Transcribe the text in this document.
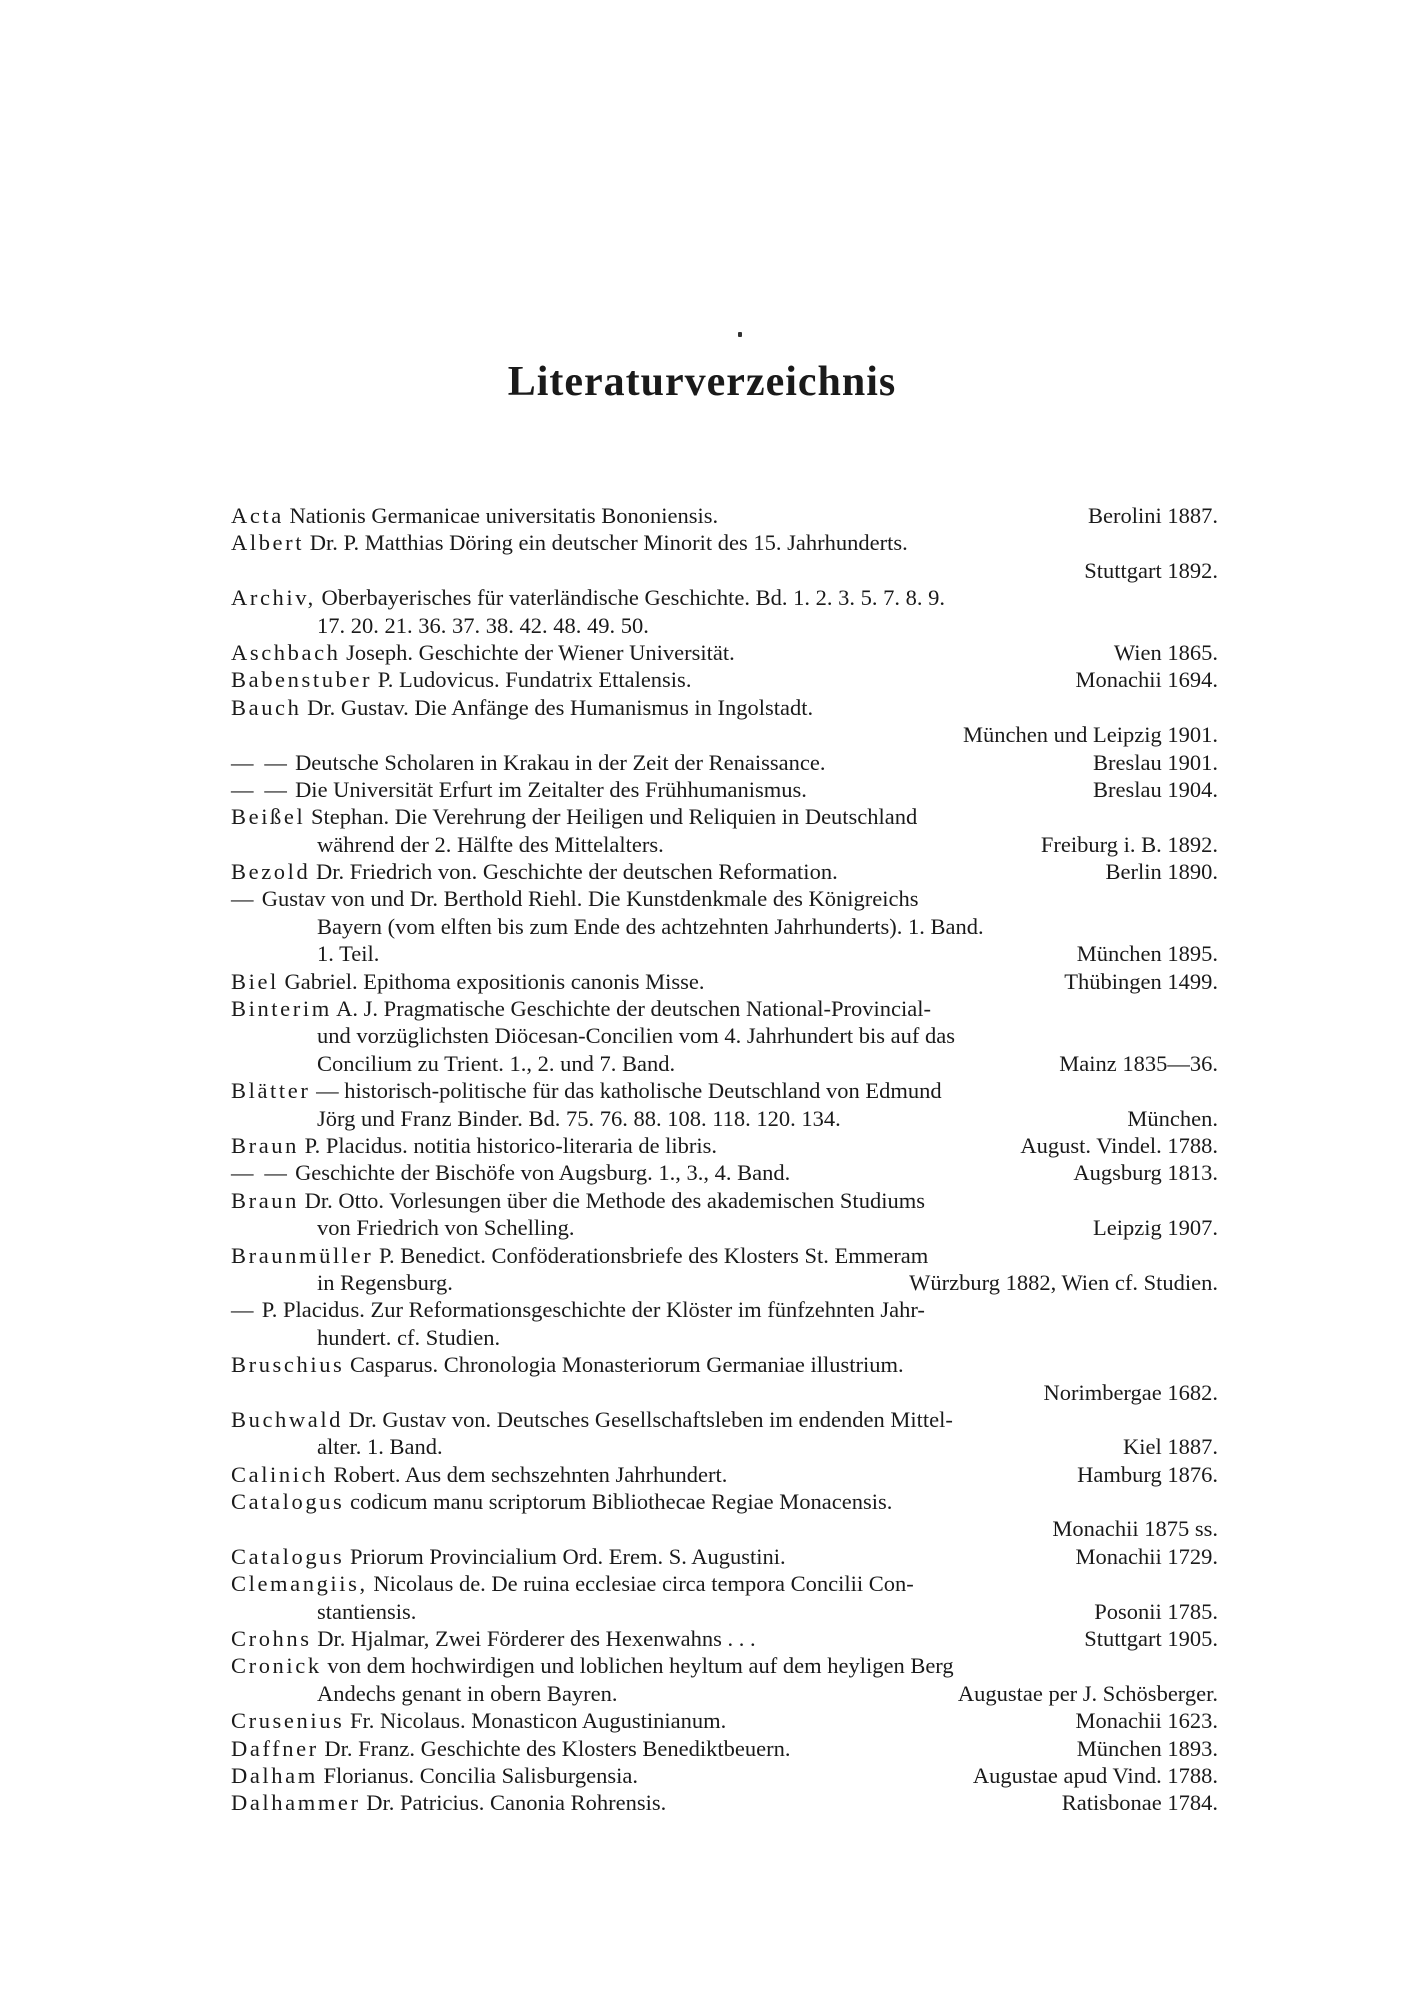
Literaturverzeichnis
Acta Nationis Germanicae universitatis Bononiensis.	Berolini 1887.
Albert Dr. P. Matthias Döring ein deutscher Minorit des 15. Jahrhunderts.
Stuttgart 1892.
Archiv, Oberbayerisches für vaterländische Geschichte. Bd. 1. 2. 3. 5. 7. 8. 9.
17. 20. 21. 36. 37. 38. 42. 48. 49. 50.
Aschbach Joseph. Geschichte der Wiener Universität.	Wien 1865.
Babenstuber P. Ludovicus. Fundatrix Ettalensis.	Monachii 1694.
Bauch Dr. Gustav. Die Anfänge des Humanismus in Ingolstadt.
München und Leipzig 1901.
— — Deutsche Scholaren in Krakau in der Zeit der Renaissance.	Breslau 1901.
— — Die Universität Erfurt im Zeitalter des Frühhumanismus.	Breslau 1904.
Beißel Stephan. Die Verehrung der Heiligen und Reliquien in Deutschland
während der 2. Hälfte des Mittelalters.	Freiburg i. B. 1892.
Bezold Dr. Friedrich von. Geschichte der deutschen Reformation.	Berlin 1890.
— Gustav von und Dr. Berthold Riehl. Die Kunstdenkmale des Königreichs
Bayern (vom elften bis zum Ende des achtzehnten Jahrhunderts). 1. Band.
1. Teil.	München 1895.
Biel Gabriel. Epithoma expositionis canonis Misse.	Thübingen 1499.
Binterim A. J. Pragmatische Geschichte der deutschen National-Provincial-
und vorzüglichsten Diöcesan-Concilien vom 4. Jahrhundert bis auf das
Concilium zu Trient. 1., 2. und 7. Band.	Mainz 1835—36.
Blätter — historisch-politische für das katholische Deutschland von Edmund
Jörg und Franz Binder. Bd. 75. 76. 88. 108. 118. 120. 134.	München.
Braun P. Placidus. notitia historico-literaria de libris.	August. Vindel. 1788.
— — Geschichte der Bischöfe von Augsburg. 1., 3., 4. Band.	Augsburg 1813.
Braun Dr. Otto. Vorlesungen über die Methode des akademischen Studiums
von Friedrich von Schelling.	Leipzig 1907.
Braunmüller P. Benedict. Conföderationsbriefe des Klosters St. Emmeram
in Regensburg.	Würzburg 1882, Wien cf. Studien.
— P. Placidus. Zur Reformationsgeschichte der Klöster im fünfzehnten Jahr-
hundert. cf. Studien.
Bruschius Casparus. Chronologia Monasteriorum Germaniae illustrium.
Norimbergae 1682.
Buchwald Dr. Gustav von. Deutsches Gesellschaftsleben im endenden Mittel-
alter. 1. Band.	Kiel 1887.
Calinich Robert. Aus dem sechszehnten Jahrhundert.	Hamburg 1876.
Catalogus codicum manu scriptorum Bibliothecae Regiae Monacensis.
Monachii 1875 ss.
Catalogus Priorum Provincialium Ord. Erem. S. Augustini.	Monachii 1729.
Clemangiis, Nicolaus de. De ruina ecclesiae circa tempora Concilii Con-
stantiensis.	Posonii 1785.
Crohns Dr. Hjalmar, Zwei Förderer des Hexenwahns . . .	Stuttgart 1905.
Cronick von dem hochwirdigen und loblichen heyltum auf dem heyligen Berg
Andechs genant in obern Bayren.	Augustae per J. Schösberger.
Crusenius Fr. Nicolaus. Monasticon Augustinianum.	Monachii 1623.
Daffner Dr. Franz. Geschichte des Klosters Benediktbeuern.	München 1893.
Dalham Florianus. Concilia Salisburgensia.	Augustae apud Vind. 1788.
Dalhammer Dr. Patricius. Canonia Rohrensis.	Ratisbonae 1784.
